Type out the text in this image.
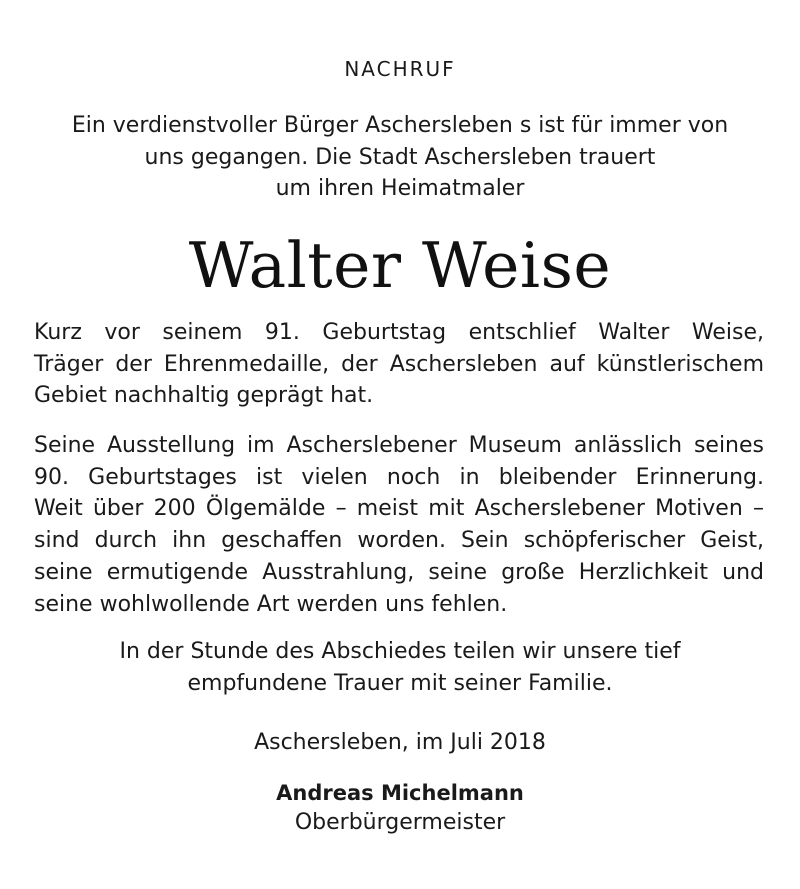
NACHRUF

Ein verdienstvoller Bürger Aschersleben s ist für immer von
uns gegangen. Die Stadt Aschersleben trauert
um ihren Heimatmaler

Walter Weise

Kurz vor seinem 91. Geburtstag entschlief Walter Weise,
Träger der Ehrenmedaille, der Aschersleben auf künstlerischem
Gebiet nachhaltig geprägt hat.

Seine Ausstellung im Ascherslebener Museum anlässlich seines
90. Geburtstages ist vielen noch in bleibender Erinnerung.
Weit über 200 Ölgemälde – meist mit Ascherslebener Motiven –
sind durch ihn geschaffen worden. Sein schöpferischer Geist,
seine ermutigende Ausstrahlung, seine große Herzlichkeit und
seine wohlwollende Art werden uns fehlen.

In der Stunde des Abschiedes teilen wir unsere tief
empfundene Trauer mit seiner Familie.

Aschersleben, im Juli 2018
Andreas Michelmann
Oberbürgermeister
